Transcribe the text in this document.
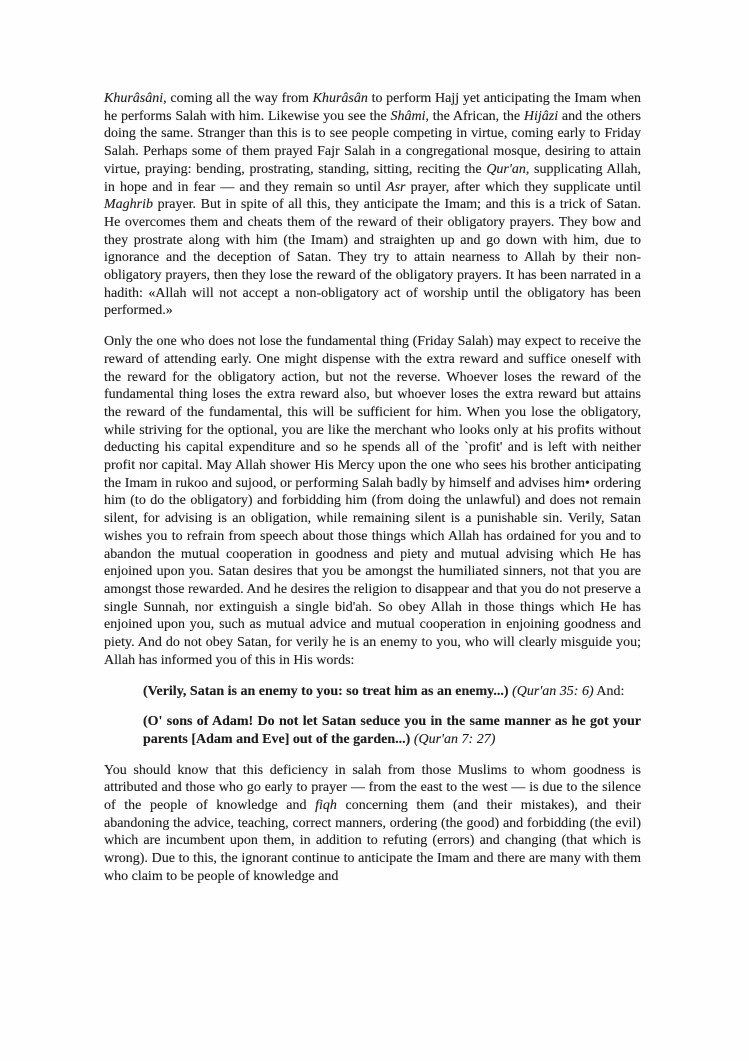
Khurâsâni, coming all the way from Khurâsân to perform Hajj yet anticipating the Imam when he performs Salah with him. Likewise you see the Shâmi, the African, the Hijâzi and the others doing the same. Stranger than this is to see people competing in virtue, coming early to Friday Salah. Perhaps some of them prayed Fajr Salah in a congregational mosque, desiring to attain virtue, praying: bending, prostrating, standing, sitting, reciting the Qur'an, supplicating Allah, in hope and in fear — and they remain so until Asr prayer, after which they supplicate until Maghrib prayer. But in spite of all this, they anticipate the Imam; and this is a trick of Satan. He overcomes them and cheats them of the reward of their obligatory prayers. They bow and they prostrate along with him (the Imam) and straighten up and go down with him, due to ignorance and the deception of Satan. They try to attain nearness to Allah by their non-obligatory prayers, then they lose the reward of the obligatory prayers. It has been narrated in a hadith: «Allah will not accept a non-obligatory act of worship until the obligatory has been performed.»

Only the one who does not lose the fundamental thing (Friday Salah) may expect to receive the reward of attending early. One might dispense with the extra reward and suffice oneself with the reward for the obligatory action, but not the reverse. Whoever loses the reward of the fundamental thing loses the extra reward also, but whoever loses the extra reward but attains the reward of the fundamental, this will be sufficient for him. When you lose the obligatory, while striving for the optional, you are like the merchant who looks only at his profits without deducting his capital expenditure and so he spends all of the `profit' and is left with neither profit nor capital. May Allah shower His Mercy upon the one who sees his brother anticipating the Imam in rukoo and sujood, or performing Salah badly by himself and advises him• ordering him (to do the obligatory) and forbidding him (from doing the unlawful) and does not remain silent, for advising is an obligation, while remaining silent is a punishable sin. Verily, Satan wishes you to refrain from speech about those things which Allah has ordained for you and to abandon the mutual cooperation in goodness and piety and mutual advising which He has enjoined upon you. Satan desires that you be amongst the humiliated sinners, not that you are amongst those rewarded. And he desires the religion to disappear and that you do not preserve a single Sunnah, nor extinguish a single bid'ah. So obey Allah in those things which He has enjoined upon you, such as mutual advice and mutual cooperation in enjoining goodness and piety. And do not obey Satan, for verily he is an enemy to you, who will clearly misguide you; Allah has informed you of this in His words:

(Verily, Satan is an enemy to you: so treat him as an enemy...) (Qur'an 35: 6) And:

(O' sons of Adam! Do not let Satan seduce you in the same manner as he got your parents [Adam and Eve] out of the garden...) (Qur'an 7: 27)

You should know that this deficiency in salah from those Muslims to whom goodness is attributed and those who go early to prayer — from the east to the west — is due to the silence of the people of knowledge and fiqh concerning them (and their mistakes), and their abandoning the advice, teaching, correct manners, ordering (the good) and forbidding (the evil) which are incumbent upon them, in addition to refuting (errors) and changing (that which is wrong). Due to this, the ignorant continue to anticipate the Imam and there are many with them who claim to be people of knowledge and
